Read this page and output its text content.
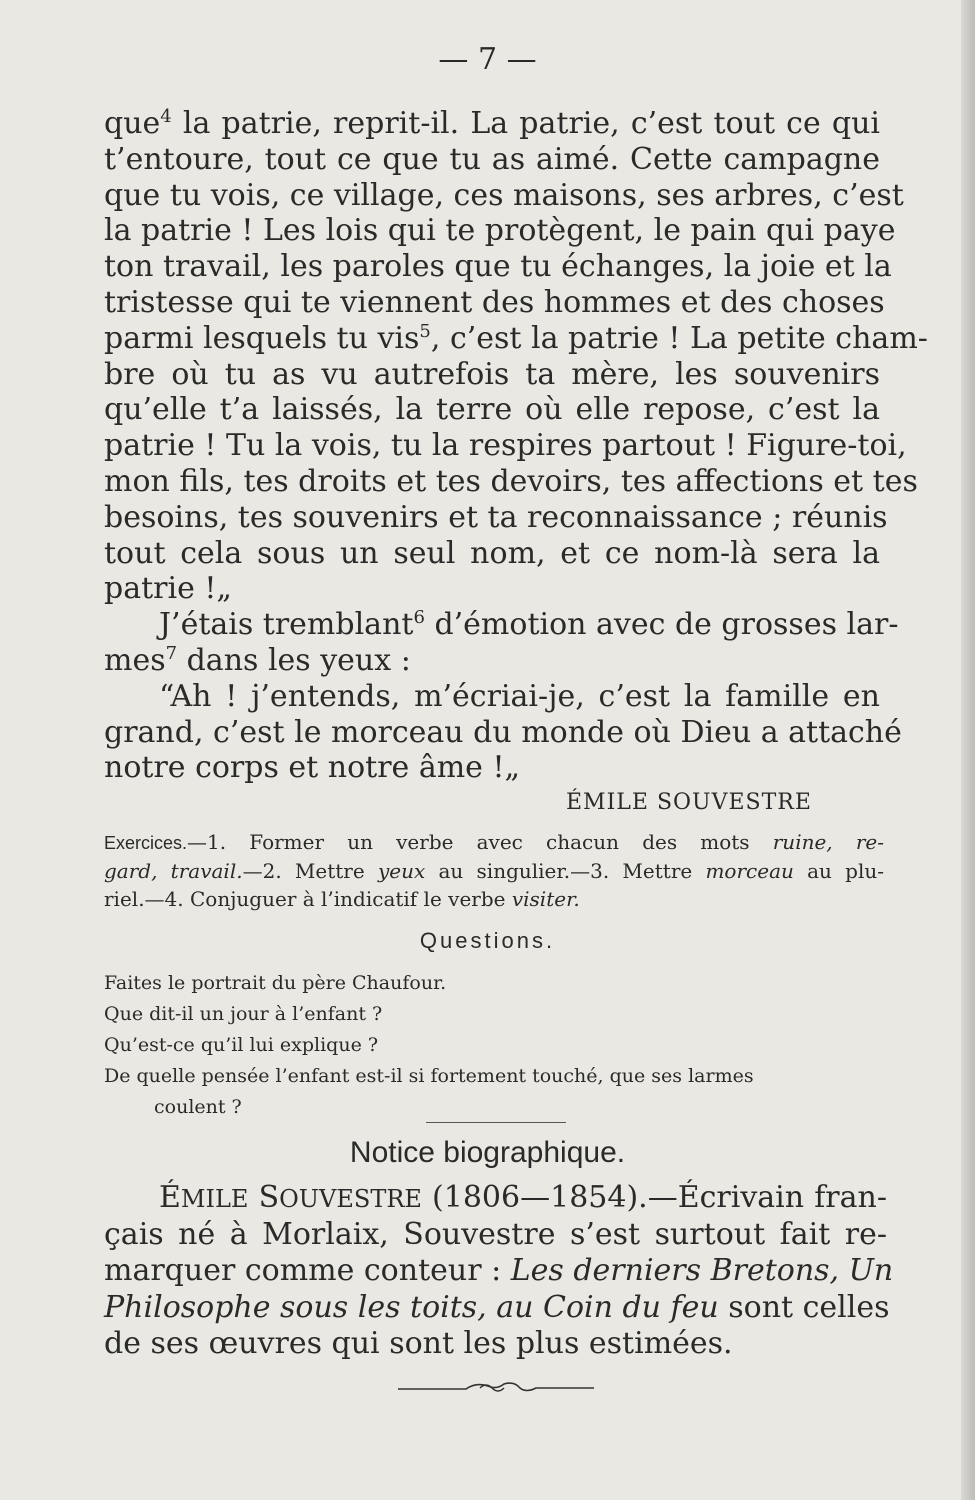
— 7 —
que$^4$ la patrie, reprit-il. La patrie, c’est tout ce qui
t’entoure, tout ce que tu as aimé. Cette campagne
que tu vois, ce village, ces maisons, ses arbres, c’est
la patrie ! Les lois qui te protègent, le pain qui paye
ton travail, les paroles que tu échanges, la joie et la
tristesse qui te viennent des hommes et des choses
parmi lesquels tu vis$^5$, c’est la patrie ! La petite cham-
bre où tu as vu autrefois ta mère, les souvenirs
qu’elle t’a laissés, la terre où elle repose, c’est la
patrie ! Tu la vois, tu la respires partout ! Figure-toi,
mon fils, tes droits et tes devoirs, tes affections et tes
besoins, tes souvenirs et ta reconnaissance ; réunis
tout cela sous un seul nom, et ce nom-là sera la
patrie !„
J’étais tremblant$^6$ d’émotion avec de grosses lar-
mes$^7$ dans les yeux :
“Ah ! j’entends, m’écriai-je, c’est la famille en
grand, c’est le morceau du monde où Dieu a attaché
notre corps et notre âme !„
ÉMILE SOUVESTRE
Exercices.—1. Former un verbe avec chacun des mots ruine, re-
gard, travail.—2. Mettre yeux au singulier.—3. Mettre morceau au plu-
riel.—4. Conjuguer à l’indicatif le verbe visiter.
Questions.
Faites le portrait du père Chaufour.
Que dit-il un jour à l’enfant ?
Qu’est-ce qu’il lui explique ?
De quelle pensée l’enfant est-il si fortement touché, que ses larmes
coulent ?
Notice biographique.
ÉMILE SOUVESTRE (1806—1854).—Écrivain fran-
çais né à Morlaix, Souvestre s’est surtout fait re-
marquer comme conteur : Les derniers Bretons, Un
Philosophe sous les toits, au Coin du feu sont celles
de ses œuvres qui sont les plus estimées.
